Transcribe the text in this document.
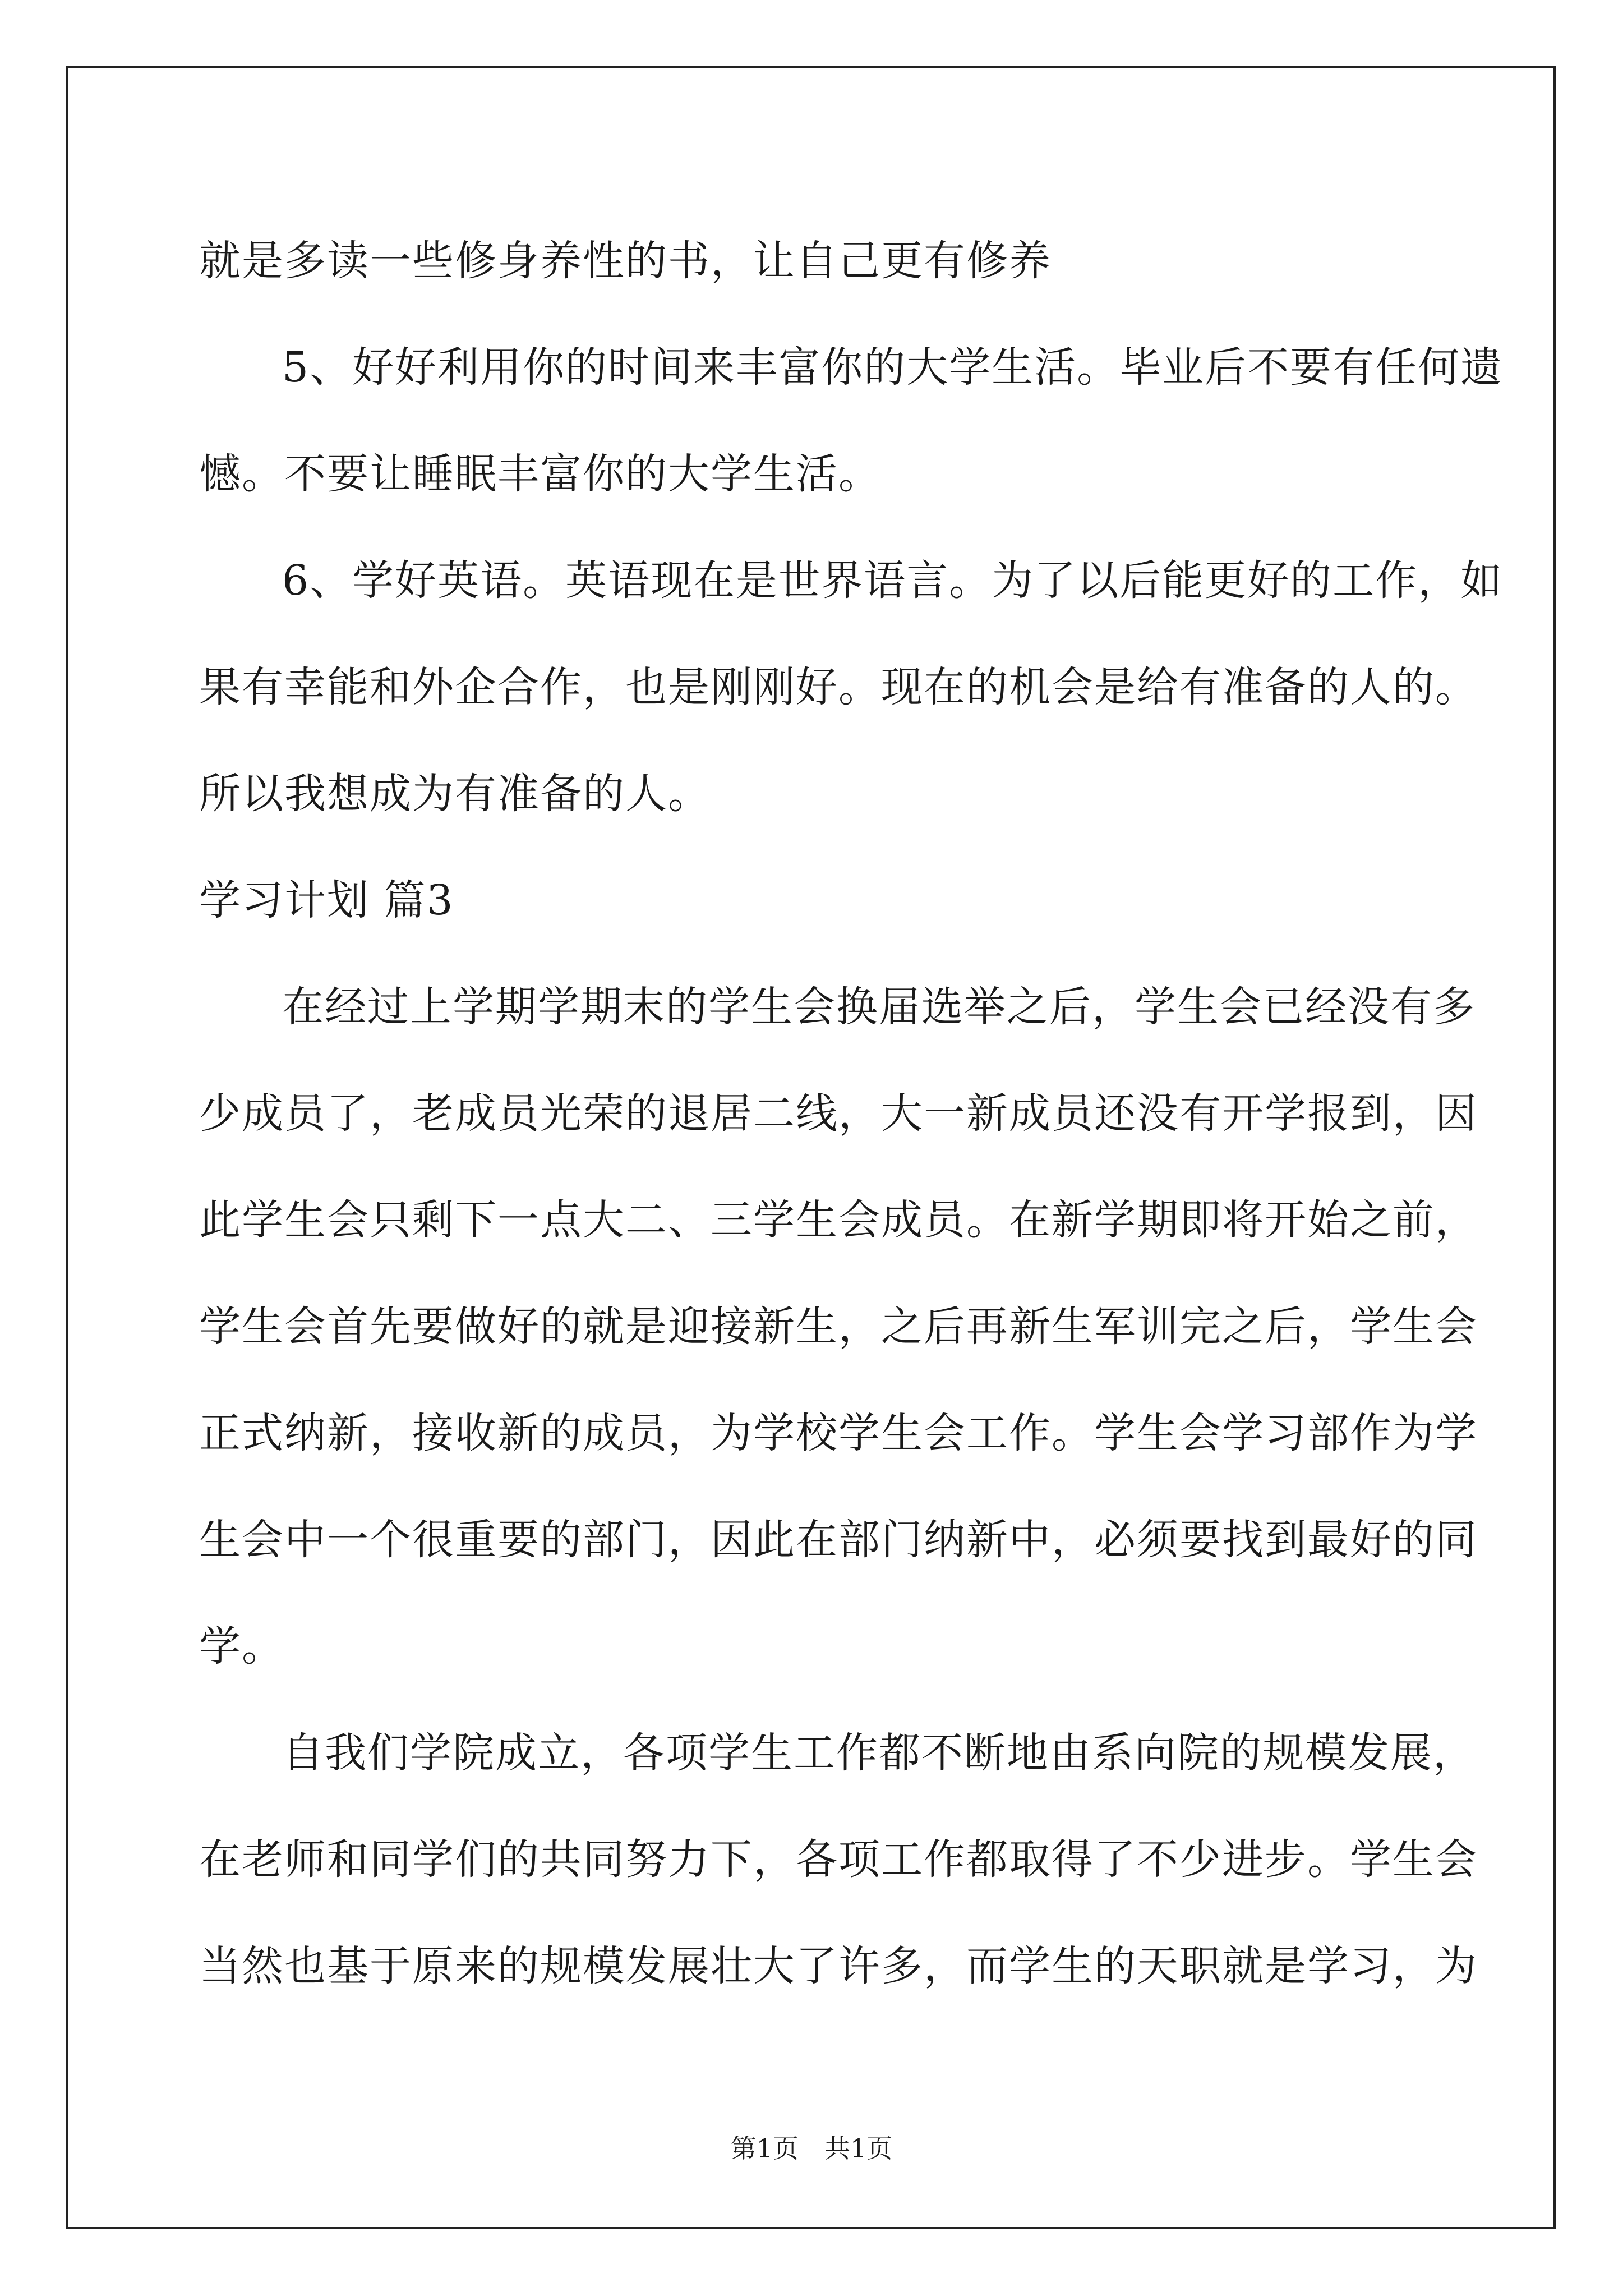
就是多读一些修身养性的书，让自己更有修养
5、好好利用你的时间来丰富你的大学生活。毕业后不要有任何遗
憾。不要让睡眠丰富你的大学生活。
6、学好英语。英语现在是世界语言。为了以后能更好的工作，如
果有幸能和外企合作，也是刚刚好。现在的机会是给有准备的人的。
所以我想成为有准备的人。
学习计划 篇3
在经过上学期学期末的学生会换届选举之后，学生会已经没有多
少成员了，老成员光荣的退居二线，大一新成员还没有开学报到，因
此学生会只剩下一点大二、三学生会成员。在新学期即将开始之前，
学生会首先要做好的就是迎接新生，之后再新生军训完之后，学生会
正式纳新，接收新的成员，为学校学生会工作。学生会学习部作为学
生会中一个很重要的部门，因此在部门纳新中，必须要找到最好的同
学。
自我们学院成立，各项学生工作都不断地由系向院的规模发展，
在老师和同学们的共同努力下，各项工作都取得了不少进步。学生会
当然也基于原来的规模发展壮大了许多，而学生的天职就是学习，为
第1页　共1页
